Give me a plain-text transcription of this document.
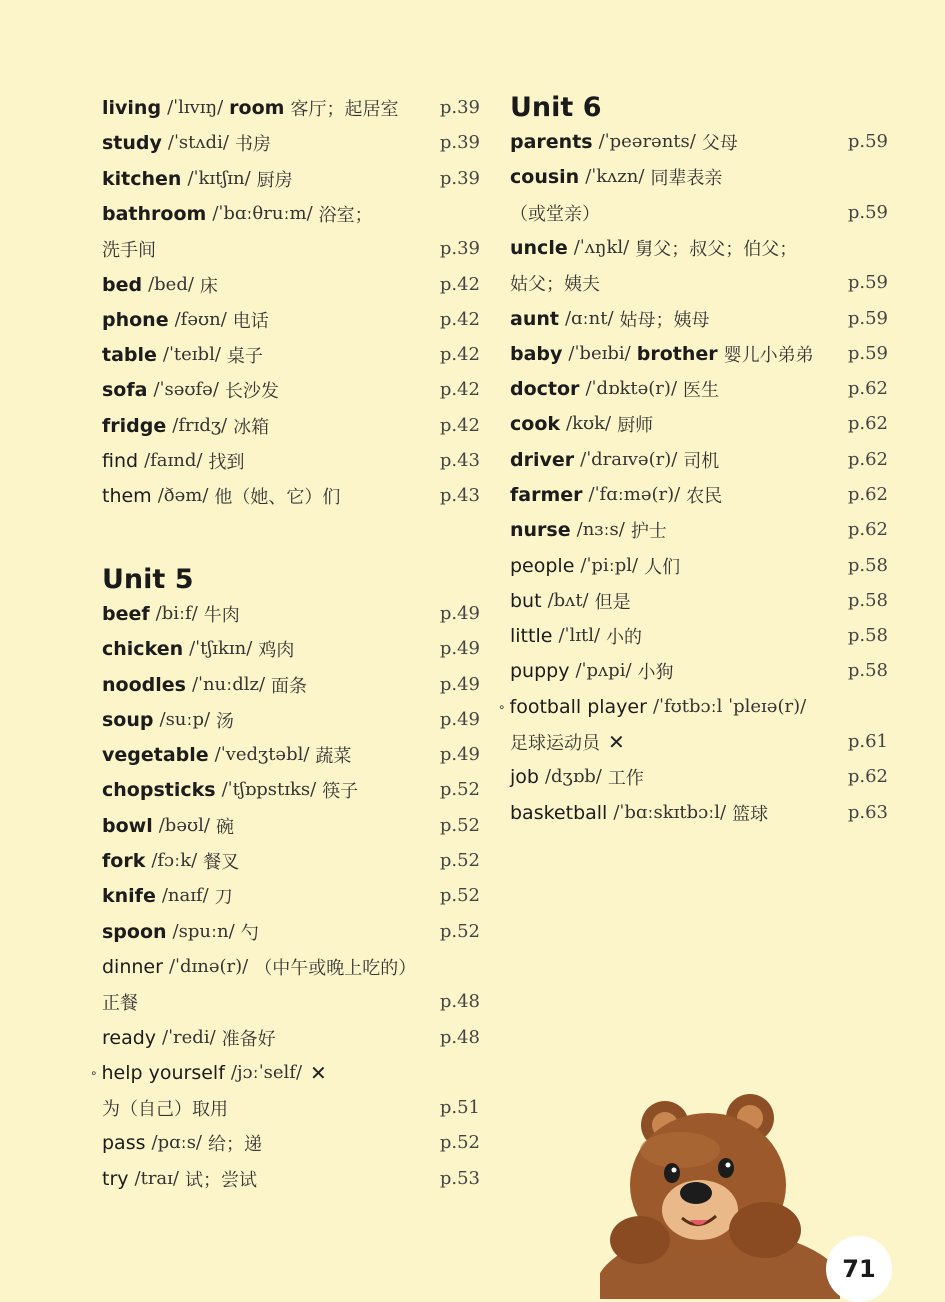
living /ˈlɪvɪŋ/ room 客厅；起居室 p.39
study /ˈstʌdi/ 书房	p.39
kitchen /ˈkɪtʃɪn/ 厨房	p.39
bathroom /ˈbɑːθruːm/ 浴室；
洗手间	p.39
bed /bed/ 床	p.42
phone /fəʊn/ 电话	p.42
table /ˈteɪbl/ 桌子	p.42
sofa /ˈsəʊfə/ 长沙发	p.42
fridge /frɪdʒ/ 冰箱	p.42
find /faɪnd/ 找到	p.43
them /ðəm/ 他（她、它）们	p.43
Unit 5
beef /biːf/ 牛肉	p.49
chicken /ˈtʃɪkɪn/ 鸡肉	p.49
noodles /ˈnuːdlz/ 面条	p.49
soup /suːp/ 汤	p.49
vegetable /ˈvedʒtəbl/ 蔬菜	p.49
chopsticks /ˈtʃɒpstɪks/ 筷子	p.52
bowl /bəʊl/ 碗	p.52
fork /fɔːk/ 餐叉	p.52
knife /naɪf/ 刀	p.52
spoon /spuːn/ 勺	p.52
dinner /ˈdɪnə(r)/ （中午或晚上吃的）
正餐	p.48
ready /ˈredi/ 准备好	p.48
∘ help yourself /jɔːˈself/ ✕
为（自己）取用	p.51
pass /pɑːs/ 给；递	p.52
try /traɪ/ 试；尝试	p.53
Unit 6
parents /ˈpeərənts/ 父母	p.59
cousin /ˈkʌzn/ 同辈表亲
（或堂亲）	p.59
uncle /ˈʌŋkl/ 舅父；叔父；伯父；
姑父；姨夫	p.59
aunt /ɑːnt/ 姑母；姨母	p.59
baby /ˈbeɪbi/ brother 婴儿小弟弟 p.59
doctor /ˈdɒktə(r)/ 医生	p.62
cook /kʊk/ 厨师	p.62
driver /ˈdraɪvə(r)/ 司机	p.62
farmer /ˈfɑːmə(r)/ 农民	p.62
nurse /nɜːs/ 护士	p.62
people /ˈpiːpl/ 人们	p.58
but /bʌt/ 但是	p.58
little /ˈlɪtl/ 小的	p.58
puppy /ˈpʌpi/ 小狗	p.58
∘ football player /ˈfʊtbɔːl ˈpleɪə(r)/
足球运动员 ✕	p.61
job /dʒɒb/ 工作	p.62
basketball /ˈbɑːskɪtbɔːl/ 篮球	p.63
71
